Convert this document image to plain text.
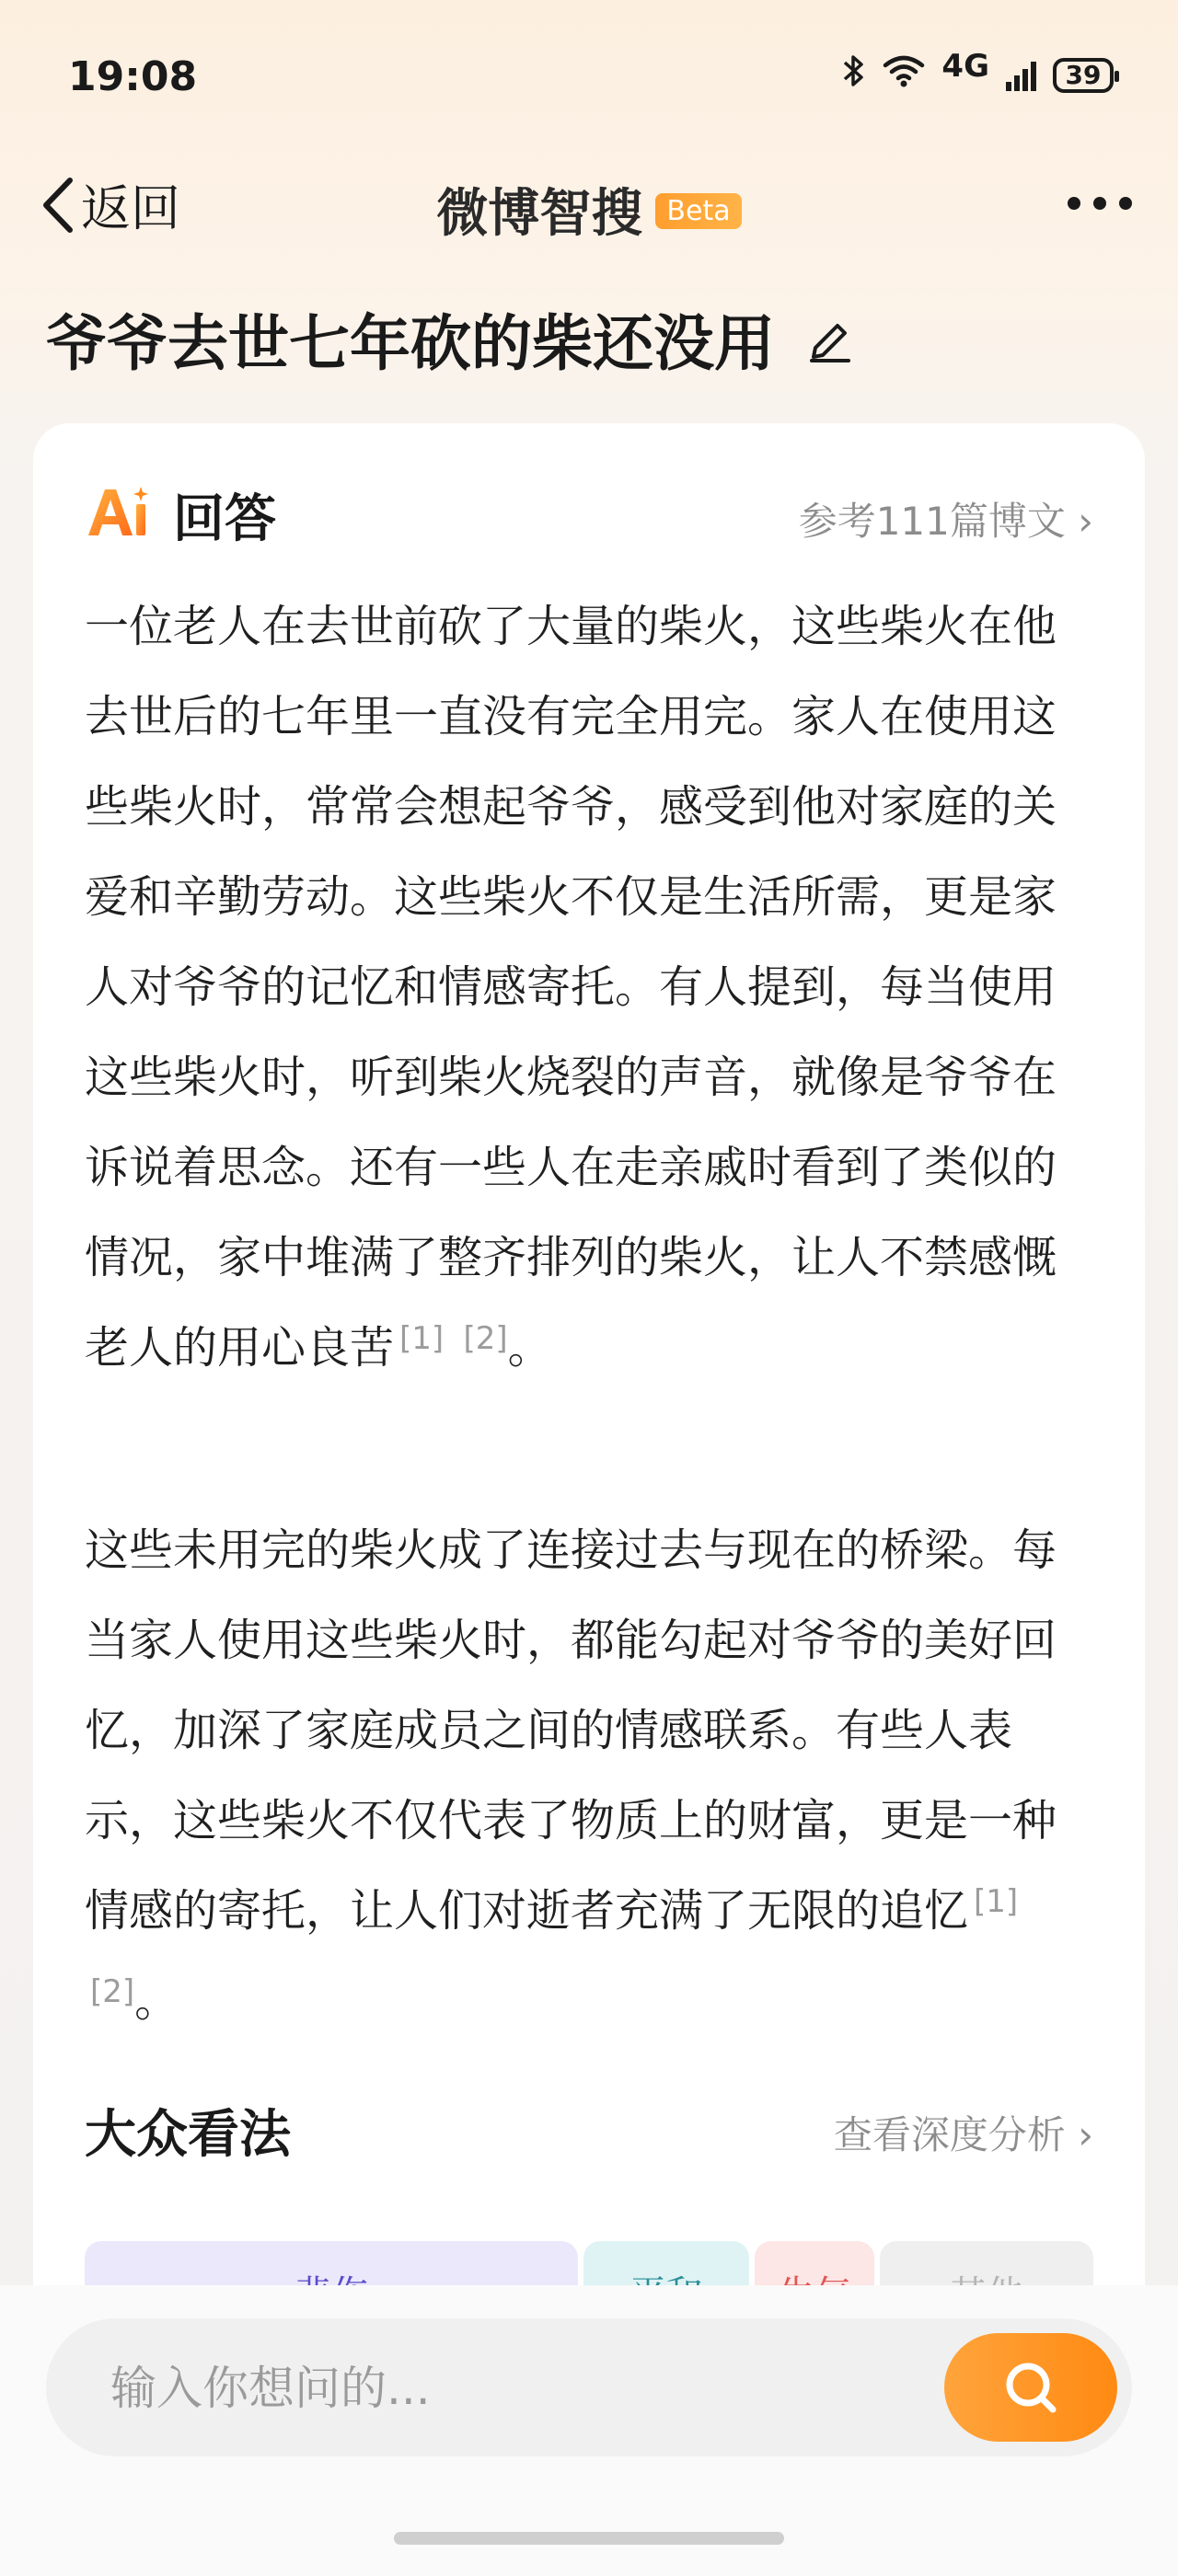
19:08	4G	39
返回	微博智搜 Beta
爷爷去世七年砍的柴还没用
回答	参考111篇博文 ›

一位老人在去世前砍了大量的柴火，这些柴火在他去世后的七年里一直没有完全用完。家人在使用这些柴火时，常常会想起爷爷，感受到他对家庭的关爱和辛勤劳动。这些柴火不仅是生活所需，更是家人对爷爷的记忆和情感寄托。有人提到，每当使用这些柴火时，听到柴火烧裂的声音，就像是爷爷在诉说着思念。还有一些人在走亲戚时看到了类似的情况，家中堆满了整齐排列的柴火，让人不禁感慨老人的用心良苦 [1] [2]。

这些未用完的柴火成了连接过去与现在的桥梁。每当家人使用这些柴火时，都能勾起对爷爷的美好回忆，加深了家庭成员之间的情感联系。有些人表示，这些柴火不仅代表了物质上的财富，更是一种情感的寄托，让人们对逝者充满了无限的追忆 [1] [2]。

大众看法	查看深度分析 ›
输入你想问的...
